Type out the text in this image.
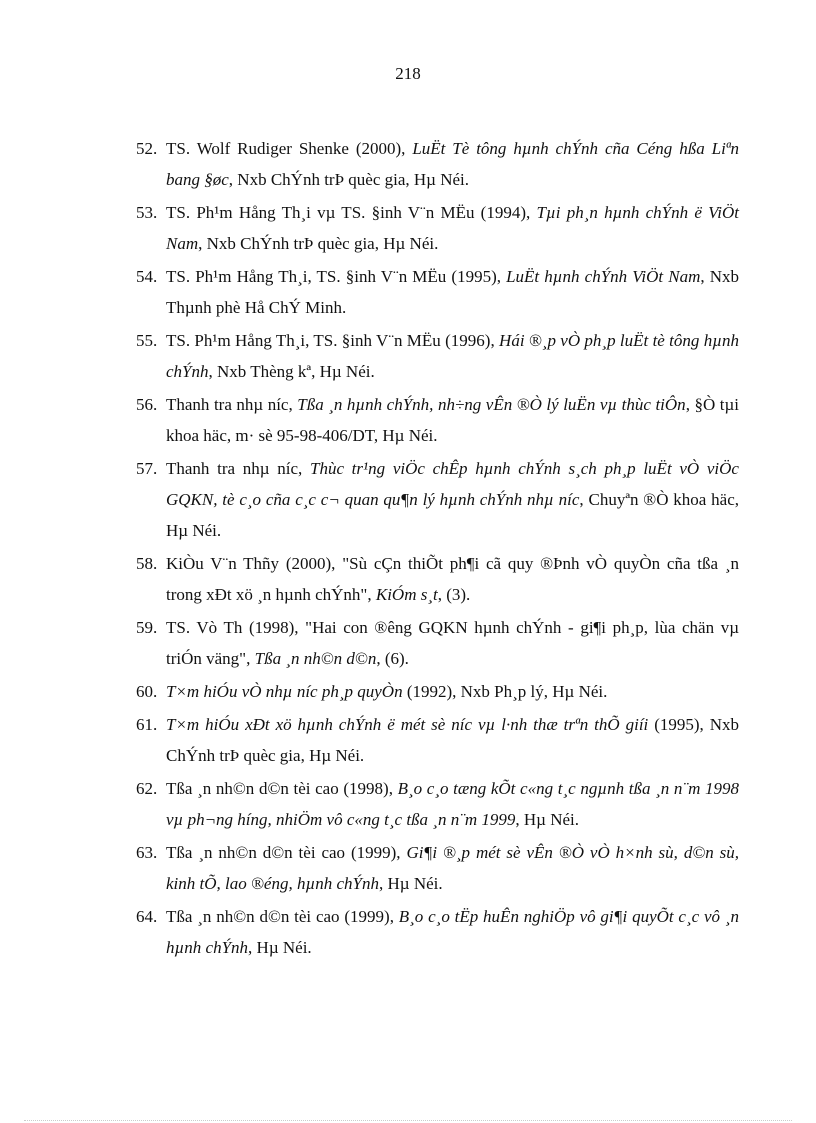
218
52. TS. Wolf Rudiger Shenke (2000), LuËt Tè tông hµnh chÝnh cña Céng hßa Liªn bang §øc, Nxb ChÝnh trÞ quèc gia, Hµ Néi.
53. TS. Ph¹m Hång Th¸i vµ TS. §inh V¨n MËu (1994), Tµi ph¸n hµnh chÝnh ë ViÖt Nam, Nxb ChÝnh trÞ quèc gia, Hµ Néi.
54. TS. Ph¹m Hång Th¸i, TS. §inh V¨n MËu (1995), LuËt hµnh chÝnh ViÖt Nam, Nxb Thµnh phè Hå ChÝ Minh.
55. TS. Ph¹m Hång Th¸i, TS. §inh V¨n MËu (1996), Hái ®¸p vÒ ph¸p luËt tè tông hµnh chÝnh, Nxb Thèng kª, Hµ Néi.
56. Thanh tra nhµ níc, Tßa ¸n hµnh chÝnh, nh÷ng vÊn ®Ò lý luËn vµ thùc tiÔn, §Ò tµi khoa häc, m· sè 95-98-406/DT, Hµ Néi.
57. Thanh tra nhµ níc, Thùc tr¹ng viÖc chÊp hµnh chÝnh s¸ch ph¸p luËt vÒ viÖc GQKN, tè c¸o cña c¸c c¬ quan qu¶n lý hµnh chÝnh nhµ níc, Chuyªn ®Ò khoa häc, Hµ Néi.
58. KiÒu V¨n Thñy (2000), "Sù cÇn thiÕt ph¶i cã quy ®Þnh vÒ quyÒn cña tßa ¸n trong xÐt xö ¸n hµnh chÝnh", KiÓm s¸t, (3).
59. TS. Vò Th (1998), "Hai con ®êng GQKN hµnh chÝnh - gi¶i ph¸p, lùa chän vµ triÓn väng", Tßa ¸n nh©n d©n, (6).
60. T×m hiÓu vÒ nhµ níc ph¸p quyÒn (1992), Nxb Ph¸p lý, Hµ Néi.
61. T×m hiÓu xÐt xö hµnh chÝnh ë mét sè níc vµ l·nh thæ trªn thÕ giíi (1995), Nxb ChÝnh trÞ quèc gia, Hµ Néi.
62. Tßa ¸n nh©n d©n tèi cao (1998), B¸o c¸o tæng kÕt c«ng t¸c ngµnh tßa ¸n n¨m 1998 vµ ph¬ng híng, nhiÖm vô c«ng t¸c tßa ¸n n¨m 1999, Hµ Néi.
63. Tßa ¸n nh©n d©n tèi cao (1999), Gi¶i ®¸p mét sè vÊn ®Ò vÒ h×nh sù, d©n sù, kinh tÕ, lao ®éng, hµnh chÝnh, Hµ Néi.
64. Tßa ¸n nh©n d©n tèi cao (1999), B¸o c¸o tËp huÊn nghiÖp vô gi¶i quyÕt c¸c vô ¸n hµnh chÝnh, Hµ Néi.
